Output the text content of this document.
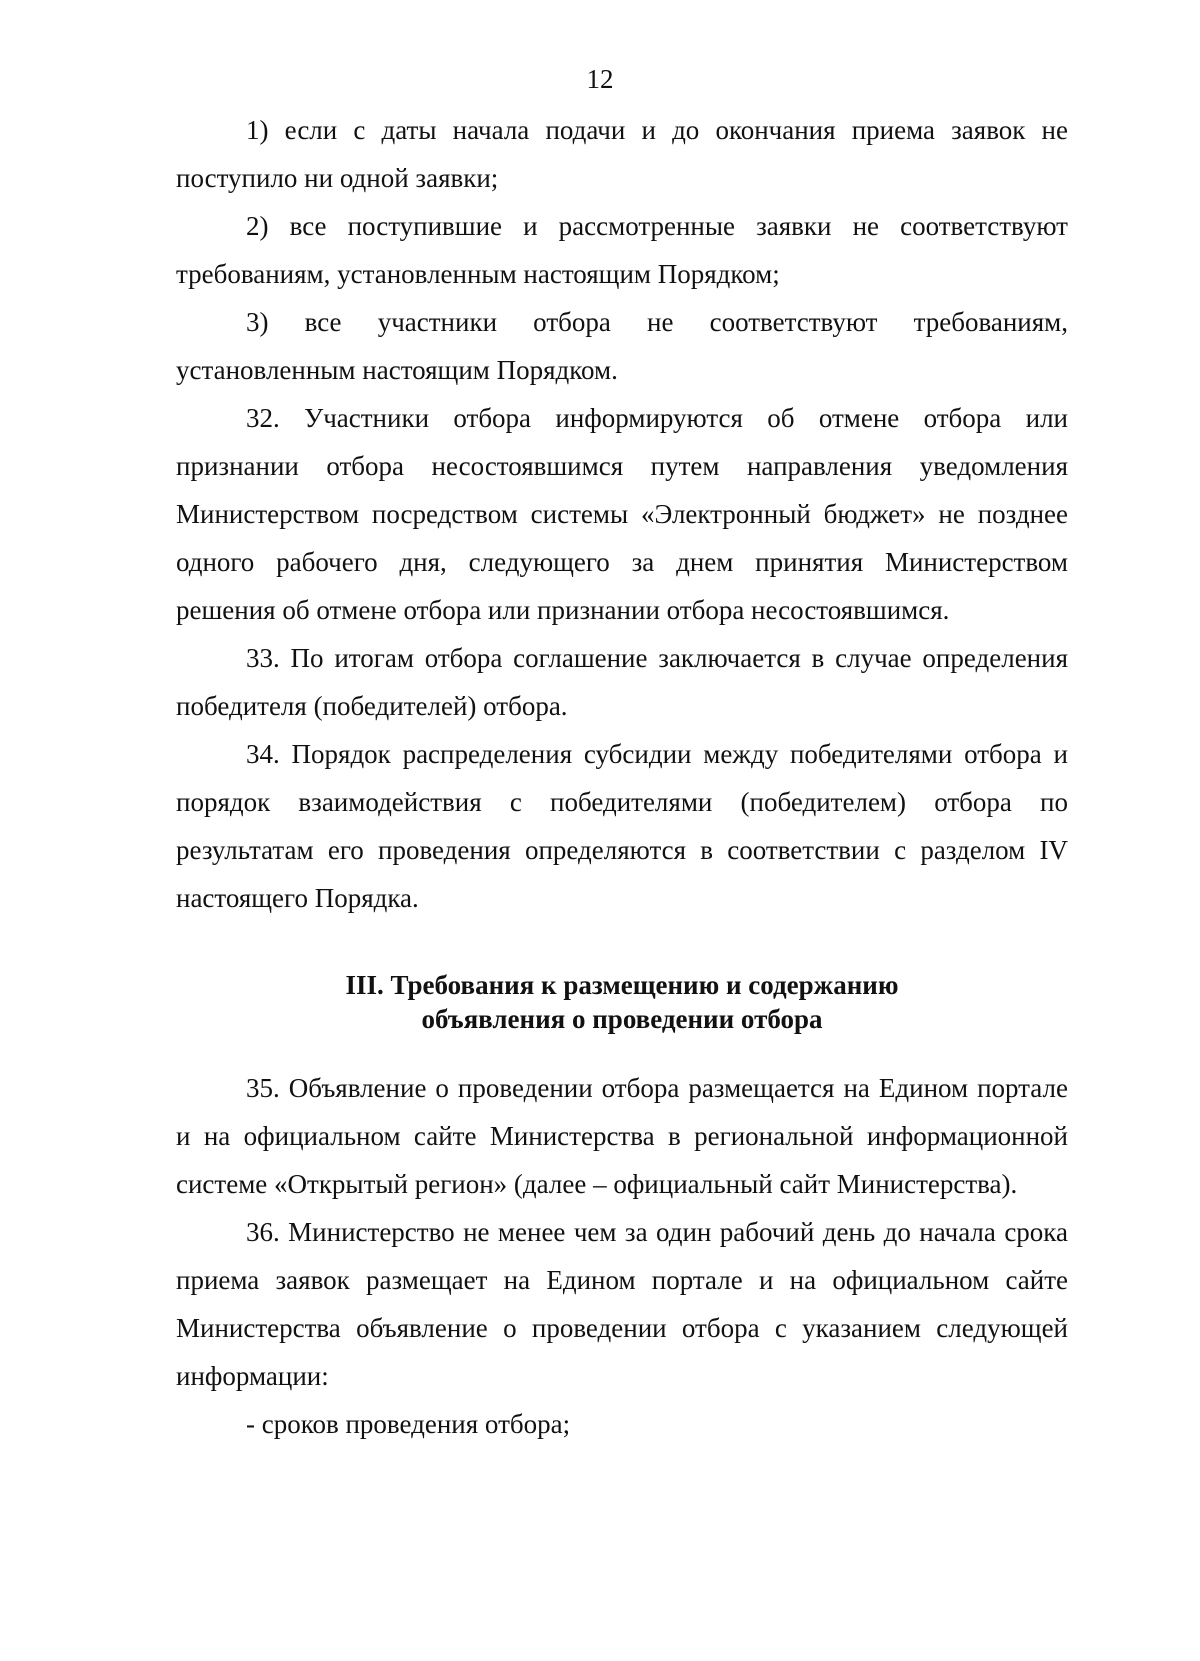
12

1) если с даты начала подачи и до окончания приема заявок не поступило ни одной заявки;

2) все поступившие и рассмотренные заявки не соответствуют требованиям, установленным настоящим Порядком;

3) все участники отбора не соответствуют требованиям, установленным настоящим Порядком.

32. Участники отбора информируются об отмене отбора или признании отбора несостоявшимся путем направления уведомления Министерством посредством системы «Электронный бюджет» не позднее одного рабочего дня, следующего за днем принятия Министерством решения об отмене отбора или признании отбора несостоявшимся.

33. По итогам отбора соглашение заключается в случае определения победителя (победителей) отбора.

34. Порядок распределения субсидии между победителями отбора и порядок взаимодействия с победителями (победителем) отбора по результатам его проведения определяются в соответствии с разделом IV настоящего Порядка.

III. Требования к размещению и содержанию
объявления о проведении отбора

35. Объявление о проведении отбора размещается на Едином портале и на официальном сайте Министерства в региональной информационной системе «Открытый регион» (далее – официальный сайт Министерства).

36. Министерство не менее чем за один рабочий день до начала срока приема заявок размещает на Едином портале и на официальном сайте Министерства объявление о проведении отбора с указанием следующей информации:

- сроков проведения отбора;
